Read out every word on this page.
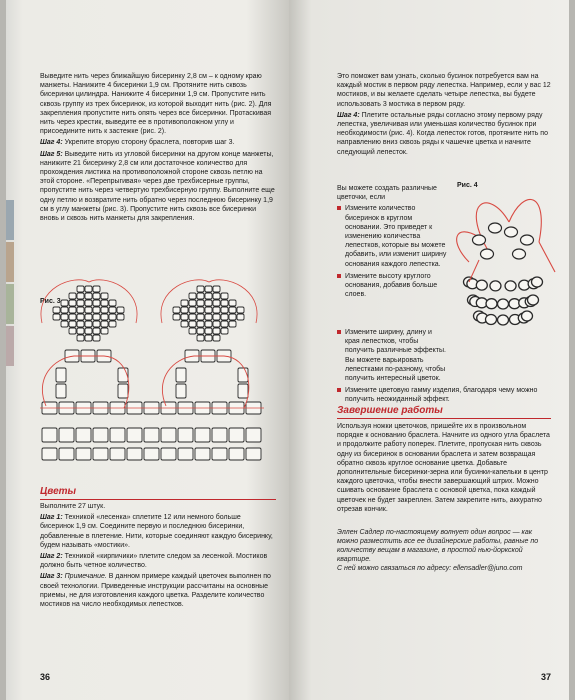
Выведите нить через ближайшую бисеринку 2,8 см – к одному краю манжеты. Нанижите 4 бисеринки 1,9 см. Протяните нить сквозь бисеринки цилиндра. Нанижите 4 бисеринки 1,9 см. Пропустите нить сквозь группу из трех бисеринок, из которой выходит нить (рис. 2). Для закрепления пропустите нить опять через все бисеринки. Протаскивая нить через крестик, выведите ее в противоположном углу и присоедините нить к застежке (рис. 2).

Шаг 4: Укрепите вторую сторону браслета, повторив шаг 3.

Шаг 5: Выведите нить из угловой бисеринки на другом конце манжеты, нанижите 21 бисеринку 2,8 см или достаточное количество для прохождения листика на противоположной стороне сквозь петлю на этой стороне. «Перепрыгивая» через две трехбисерные группы, пропустите нить через четвертую трехбисерную группу. Выполните еще одну петлю и возвратите нить обратно через последнюю бисеринку 1,9 см в углу манжеты (рис. 3). Пропустите нить сквозь все бисеринки вновь и сквозь нить манжеты для закрепления.

Рис. 3
Цветы

Выполните 27 штук.

Шаг 1: Техникой «лесенка» сплетите 12 или немного больше бисеринок 1,9 см. Соедините первую и последнюю бисеринки, добавленные в плетение. Нити, которые соединяют каждую бисеринку, будем называть «мостики».

Шаг 2: Техникой «кирпичики» плетите следом за лесенкой. Мостиков должно быть четное количество.

Шаг 3: Примечание. В данном примере каждый цветочек выполнен по своей технологии. Приведенные инструкции рассчитаны на основные приемы, не для изготовления каждого цветка. Разделите количество мостиков на число необходимых лепестков.

36

Это поможет вам узнать, сколько бусинок потребуется вам на каждый мостик в первом ряду лепестка. Например, если у вас 12 мостиков, и вы желаете сделать четыре лепестка, вы будете использовать 3 мостика в первом ряду.

Шаг 4: Плетите остальные ряды согласно этому первому ряду лепестка, увеличивая или уменьшая количество бусинок при необходимости (рис. 4). Когда лепесток готов, протяните нить по направлению вниз сквозь ряды к чашечке цветка и начните следующий лепесток.

Вы можете создать различные цветочки, если

Измените количество бисеринок в круглом основании. Это приведет к изменению количества лепестков, которые вы можете добавить, или изменит ширину основания каждого лепестка.
Измените высоту круглого основания, добавив больше слоев.
Измените ширину, длину и края лепестков, чтобы получить различные эффекты. Вы можете варьировать лепестками по-разному, чтобы получить интересный цветок.
Измените цветовую гамму изделия, благодаря чему можно получить неожиданный эффект.
Рис. 4
Завершение работы

Используя ножки цветочков, пришейте их в произвольном порядке к основанию браслета. Начните из одного угла браслета и продолжите работу поперек. Плетите, пропуская нить сквозь одну из бисеринок в основании браслета и затем возвращая обратно сквозь круглое основание цветка. Добавьте дополнительные бисеринки-зерна или бусинки-капельки в центр каждого цветочка, чтобы внести завершающий штрих. Можно сшивать основание браслета с основой цветка, пока каждый цветочек не будет закреплен. Затем закрепите нить, аккуратно отрезав кончик.

Эллен Садлер по-настоящему волнует один вопрос — как можно разместить все ее дизайнерские работы, равные по количеству вещам в магазине, в простой нью-йоркской квартире.
С ней можно связаться по адресу: ellensadler@juno.com
37
